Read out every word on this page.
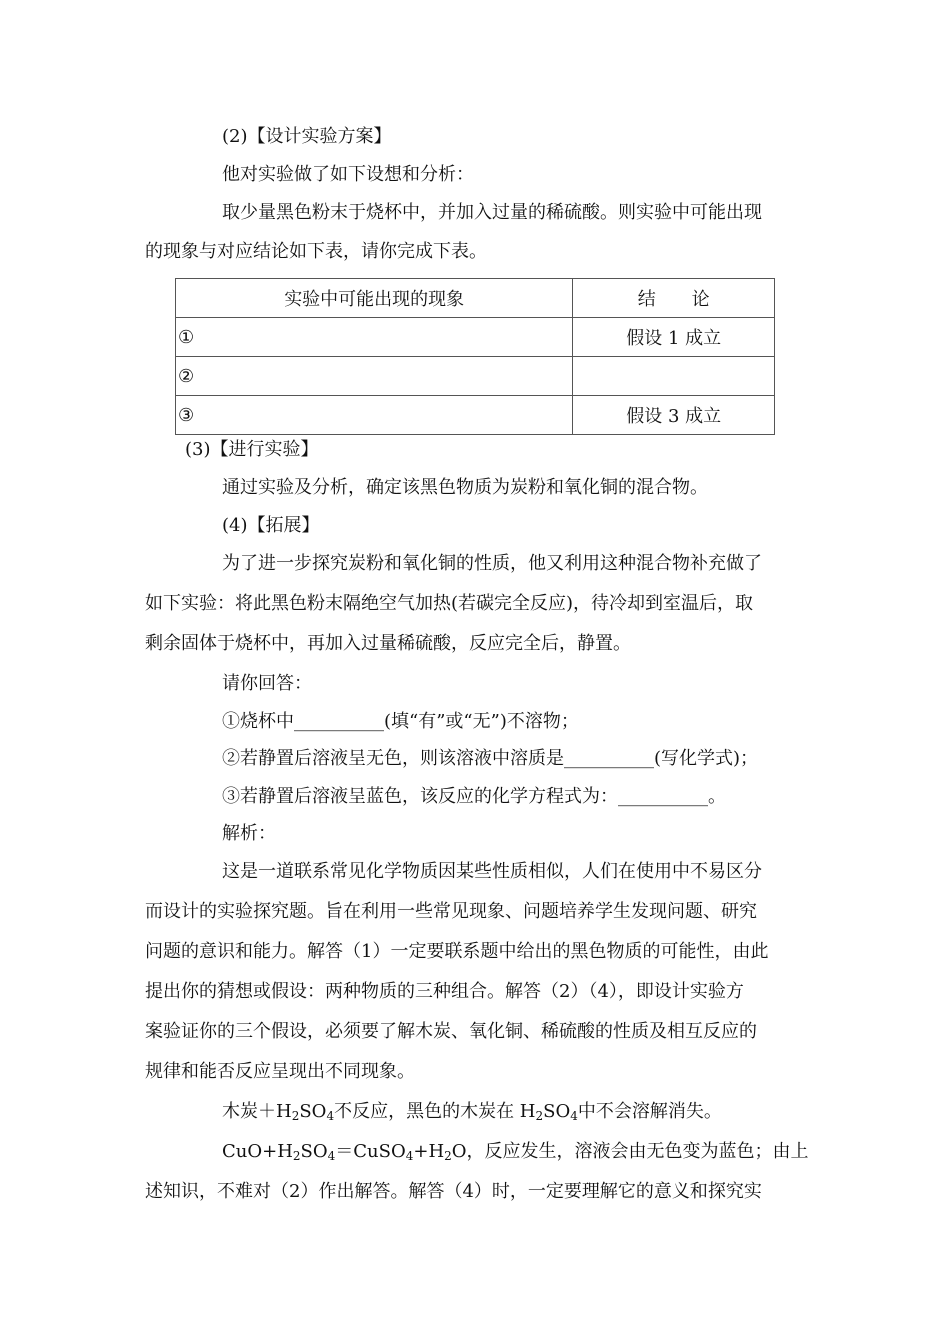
(2)【设计实验方案】
他对实验做了如下设想和分析：
取少量黑色粉末于烧杯中，并加入过量的稀硫酸。则实验中可能出现
的现象与对应结论如下表，请你完成下表。
实验中可能出现的现象	结　　论
①	假设 1 成立
②	
③	假设 3 成立
(3)【进行实验】
通过实验及分析，确定该黑色物质为炭粉和氧化铜的混合物。
(4)【拓展】
为了进一步探究炭粉和氧化铜的性质，他又利用这种混合物补充做了
如下实验：将此黑色粉末隔绝空气加热(若碳完全反应)，待冷却到室温后，取
剩余固体于烧杯中，再加入过量稀硫酸，反应完全后，静置。
请你回答：
①烧杯中__________(填“有”或“无”)不溶物；
②若静置后溶液呈无色，则该溶液中溶质是__________(写化学式)；
③若静置后溶液呈蓝色，该反应的化学方程式为：__________。
解析：
这是一道联系常见化学物质因某些性质相似，人们在使用中不易区分
而设计的实验探究题。旨在利用一些常见现象、问题培养学生发现问题、研究
问题的意识和能力。解答（1）一定要联系题中给出的黑色物质的可能性，由此
提出你的猜想或假设：两种物质的三种组合。解答（2）（4），即设计实验方
案验证你的三个假设，必须要了解木炭、氧化铜、稀硫酸的性质及相互反应的
规律和能否反应呈现出不同现象。
木炭$+H_2SO_4$不反应，黑色的木炭在 $H_2SO_4$中不会溶解消失。
$CuO+H_2SO_4=CuSO_4+H_2O$，反应发生，溶液会由无色变为蓝色；由上
述知识，不难对（2）作出解答。解答（4）时，一定要理解它的意义和探究实
